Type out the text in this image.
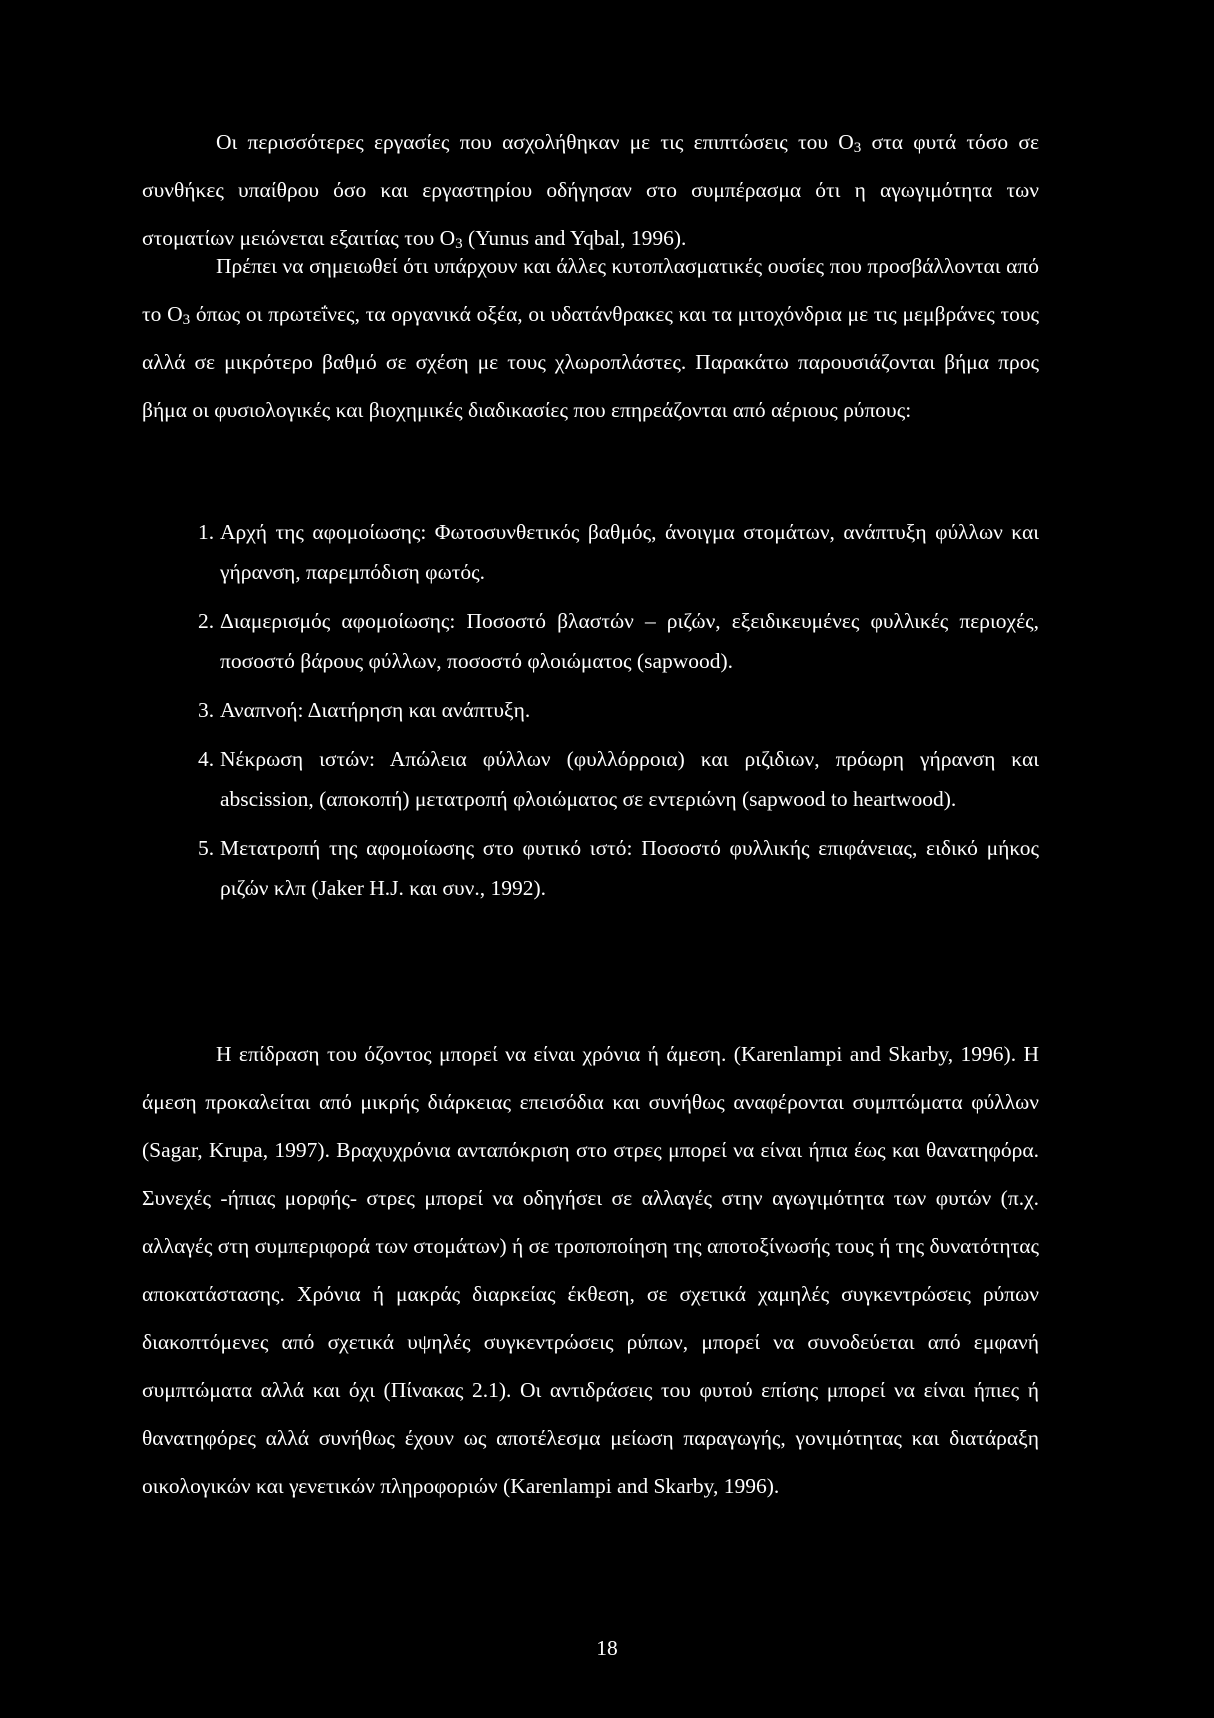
Οι περισσότερες εργασίες που ασχολήθηκαν με τις επιπτώσεις του $O_3$ στα φυτά τόσο σε συνθήκες υπαίθρου όσο και εργαστηρίου οδήγησαν στο συμπέρασμα ότι η αγωγιμότητα των στοματίων μειώνεται εξαιτίας του $O_3$ (Yunus and Yqbal, 1996).

Πρέπει να σημειωθεί ότι υπάρχουν και άλλες κυτοπλασματικές ουσίες που προσβάλλονται από το $O_3$ όπως οι πρωτεΐνες, τα οργανικά οξέα, οι υδατάνθρακες και τα μιτοχόνδρια με τις μεμβράνες τους αλλά σε μικρότερο βαθμό σε σχέση με τους χλωροπλάστες. Παρακάτω παρουσιάζονται βήμα προς βήμα οι φυσιολογικές και βιοχημικές διαδικασίες που επηρεάζονται από αέριους ρύπους:

1. Αρχή της αφομοίωσης: Φωτοσυνθετικός βαθμός, άνοιγμα στομάτων, ανάπτυξη φύλλων και γήρανση, παρεμπόδιση φωτός.
2. Διαμερισμός αφομοίωσης: Ποσοστό βλαστών – ριζών, εξειδικευμένες φυλλικές περιοχές, ποσοστό βάρους φύλλων, ποσοστό φλοιώματος (sapwood).
3. Αναπνοή: Διατήρηση και ανάπτυξη.
4. Νέκρωση ιστών: Απώλεια φύλλων (φυλλόρροια) και ριζιδιων, πρόωρη γήρανση και abscission, (αποκοπή) μετατροπή φλοιώματος σε εντεριώνη (sapwood to heartwood).
5. Μετατροπή της αφομοίωσης στο φυτικό ιστό: Ποσοστό φυλλικής επιφάνειας, ειδικό μήκος ριζών κλπ (Jaker H.J. και συν., 1992).

Η επίδραση του όζοντος μπορεί να είναι χρόνια ή άμεση. (Karenlampi and Skarby, 1996). Η άμεση προκαλείται από μικρής διάρκειας επεισόδια και συνήθως αναφέρονται συμπτώματα φύλλων (Sagar, Krupa, 1997). Βραχυχρόνια ανταπόκριση στο στρες μπορεί να είναι ήπια έως και θανατηφόρα. Συνεχές -ήπιας μορφής- στρες μπορεί να οδηγήσει σε αλλαγές στην αγωγιμότητα των φυτών (π.χ. αλλαγές στη συμπεριφορά των στομάτων) ή σε τροποποίηση της αποτοξίνωσής τους ή της δυνατότητας αποκατάστασης. Χρόνια ή μακράς διαρκείας έκθεση, σε σχετικά χαμηλές συγκεντρώσεις ρύπων διακοπτόμενες από σχετικά υψηλές συγκεντρώσεις ρύπων, μπορεί να συνοδεύεται από εμφανή συμπτώματα αλλά και όχι (Πίνακας 2.1). Οι αντιδράσεις του φυτού επίσης μπορεί να είναι ήπιες ή θανατηφόρες αλλά συνήθως έχουν ως αποτέλεσμα μείωση παραγωγής, γονιμότητας και διατάραξη οικολογικών και γενετικών πληροφοριών (Karenlampi and Skarby, 1996).

18
